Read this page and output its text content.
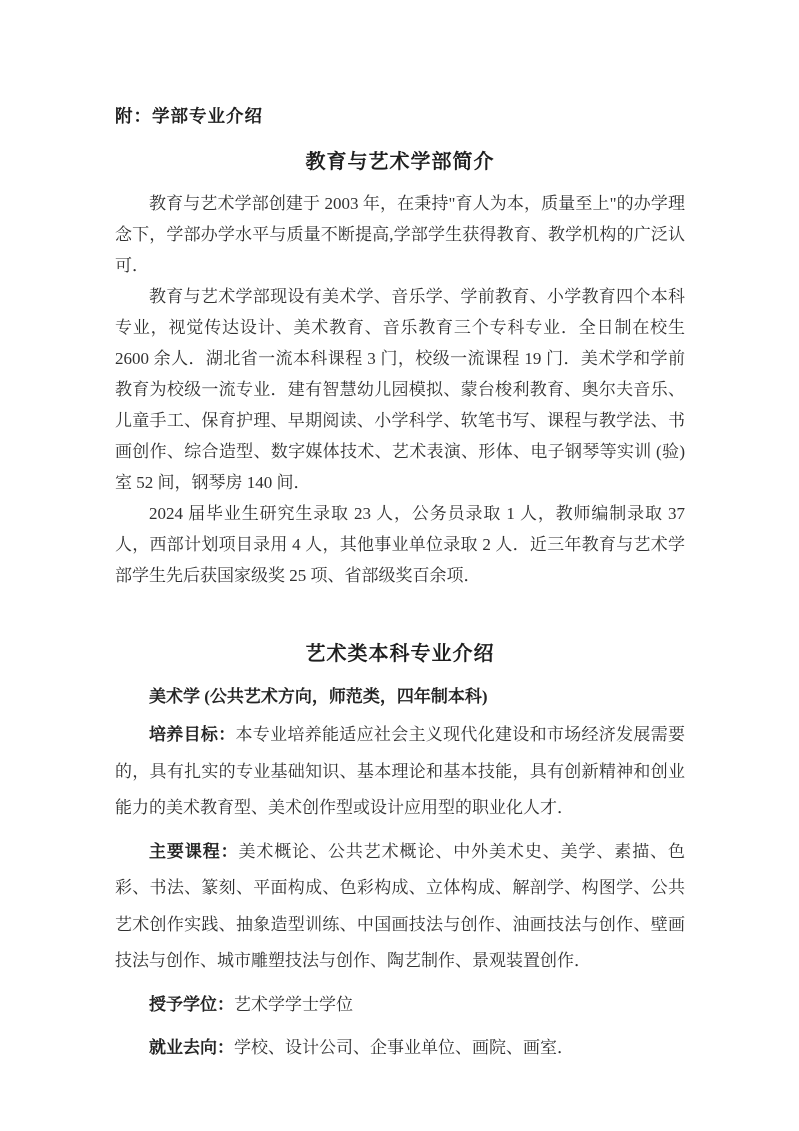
附：学部专业介绍
教育与艺术学部简介

教育与艺术学部创建于 2003 年，在秉持"育人为本，质量至上"的办学理念下，学部办学水平与质量不断提高,学部学生获得教育、教学机构的广泛认可．

教育与艺术学部现设有美术学、音乐学、学前教育、小学教育四个本科专业，视觉传达设计、美术教育、音乐教育三个专科专业．全日制在校生 2600 余人．湖北省一流本科课程 3 门，校级一流课程 19 门．美术学和学前教育为校级一流专业．建有智慧幼儿园模拟、蒙台梭利教育、奥尔夫音乐、儿童手工、保育护理、早期阅读、小学科学、软笔书写、课程与教学法、书画创作、综合造型、数字媒体技术、艺术表演、形体、电子钢琴等实训 (验)室 52 间，钢琴房 140 间．

2024 届毕业生研究生录取 23 人，公务员录取 1 人，教师编制录取 37 人，西部计划项目录用 4 人，其他事业单位录取 2 人．近三年教育与艺术学部学生先后获国家级奖 25 项、省部级奖百余项．

艺术类本科专业介绍
美术学 (公共艺术方向，师范类，四年制本科)

培养目标：本专业培养能适应社会主义现代化建设和市场经济发展需要的，具有扎实的专业基础知识、基本理论和基本技能，具有创新精神和创业能力的美术教育型、美术创作型或设计应用型的职业化人才．

主要课程：美术概论、公共艺术概论、中外美术史、美学、素描、色彩、书法、篆刻、平面构成、色彩构成、立体构成、解剖学、构图学、公共艺术创作实践、抽象造型训练、中国画技法与创作、油画技法与创作、壁画技法与创作、城市雕塑技法与创作、陶艺制作、景观装置创作．

授予学位：艺术学学士学位

就业去向：学校、设计公司、企事业单位、画院、画室．
